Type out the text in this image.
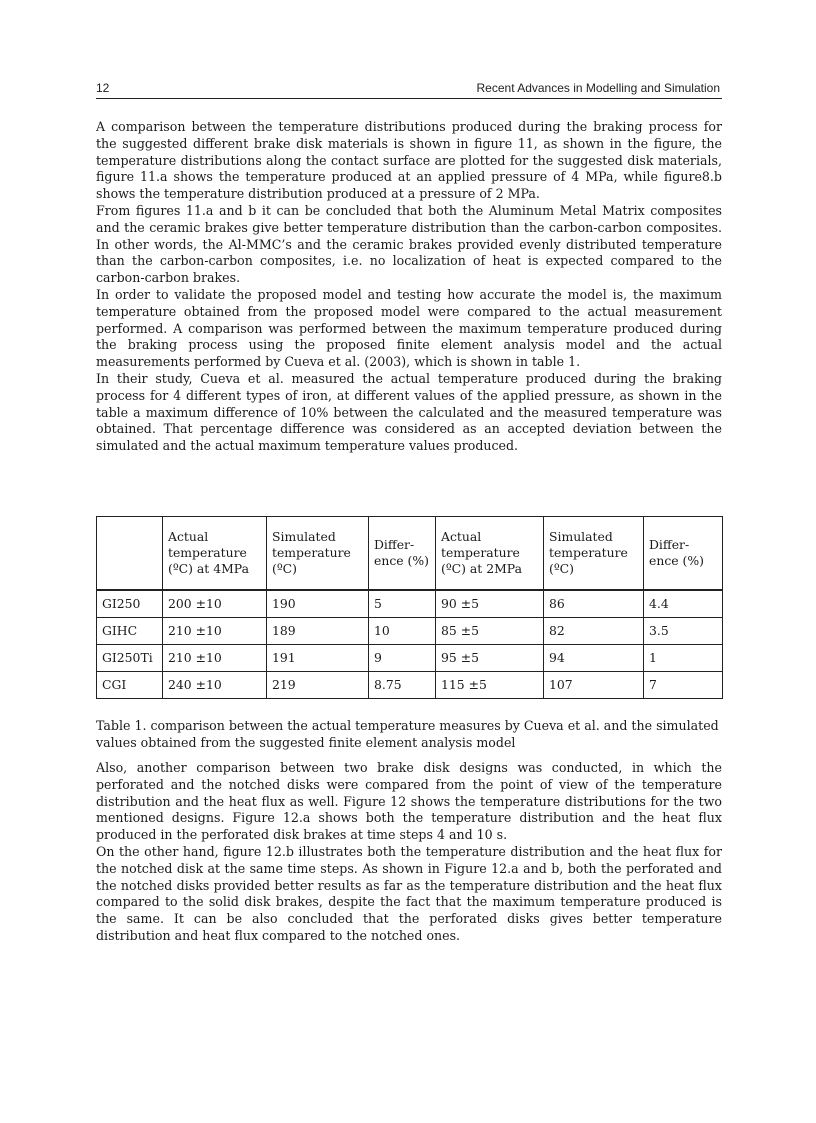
12	Recent Advances in Modelling and Simulation

A comparison between the temperature distributions produced during the braking process for the suggested different brake disk materials is shown in figure 11, as shown in the figure, the temperature distributions along the contact surface are plotted for the suggested disk materials, figure 11.a shows the temperature produced at an applied pressure of 4 MPa, while figure8.b shows the temperature distribution produced at a pressure of 2 MPa.

From figures 11.a and b it can be concluded that both the Aluminum Metal Matrix composites and the ceramic brakes give better temperature distribution than the carbon-carbon composites. In other words, the Al-MMC’s and the ceramic brakes provided evenly distributed temperature than the carbon-carbon composites, i.e. no localization of heat is expected compared to the carbon-carbon brakes.

In order to validate the proposed model and testing how accurate the model is, the maximum temperature obtained from the proposed model were compared to the actual measurement performed. A comparison was performed between the maximum temperature produced during the braking process using the proposed finite element analysis model and the actual measurements performed by Cueva et al. (2003), which is shown in table 1.

In their study, Cueva et al. measured the actual temperature produced during the braking process for 4 different types of iron, at different values of the applied pressure, as shown in the table a maximum difference of 10% between the calculated and the measured temperature was obtained. That percentage difference was considered as an accepted deviation between the simulated and the actual maximum temperature values produced.

	Actual temperature (ºC) at 4MPa	Simulated temperature (ºC)	Differ- ence (%)	Actual temperature (ºC) at 2MPa	Simulated temperature (ºC)	Differ- ence (%)
GI250	200 ±10	190	5	90 ±5	86	4.4
GIHC	210 ±10	189	10	85 ±5	82	3.5
GI250Ti	210 ±10	191	9	95 ±5	94	1
CGI	240 ±10	219	8.75	115 ±5	107	7
Table 1. comparison between the actual temperature measures by Cueva et al. and the simulated values obtained from the suggested finite element analysis model

Also, another comparison between two brake disk designs was conducted, in which the perforated and the notched disks were compared from the point of view of the temperature distribution and the heat flux as well. Figure 12 shows the temperature distributions for the two mentioned designs. Figure 12.a shows both the temperature distribution and the heat flux produced in the perforated disk brakes at time steps 4 and 10 s.

On the other hand, figure 12.b illustrates both the temperature distribution and the heat flux for the notched disk at the same time steps. As shown in Figure 12.a and b, both the perforated and the notched disks provided better results as far as the temperature distribution and the heat flux compared to the solid disk brakes, despite the fact that the maximum temperature produced is the same. It can be also concluded that the perforated disks gives better temperature distribution and heat flux compared to the notched ones.
